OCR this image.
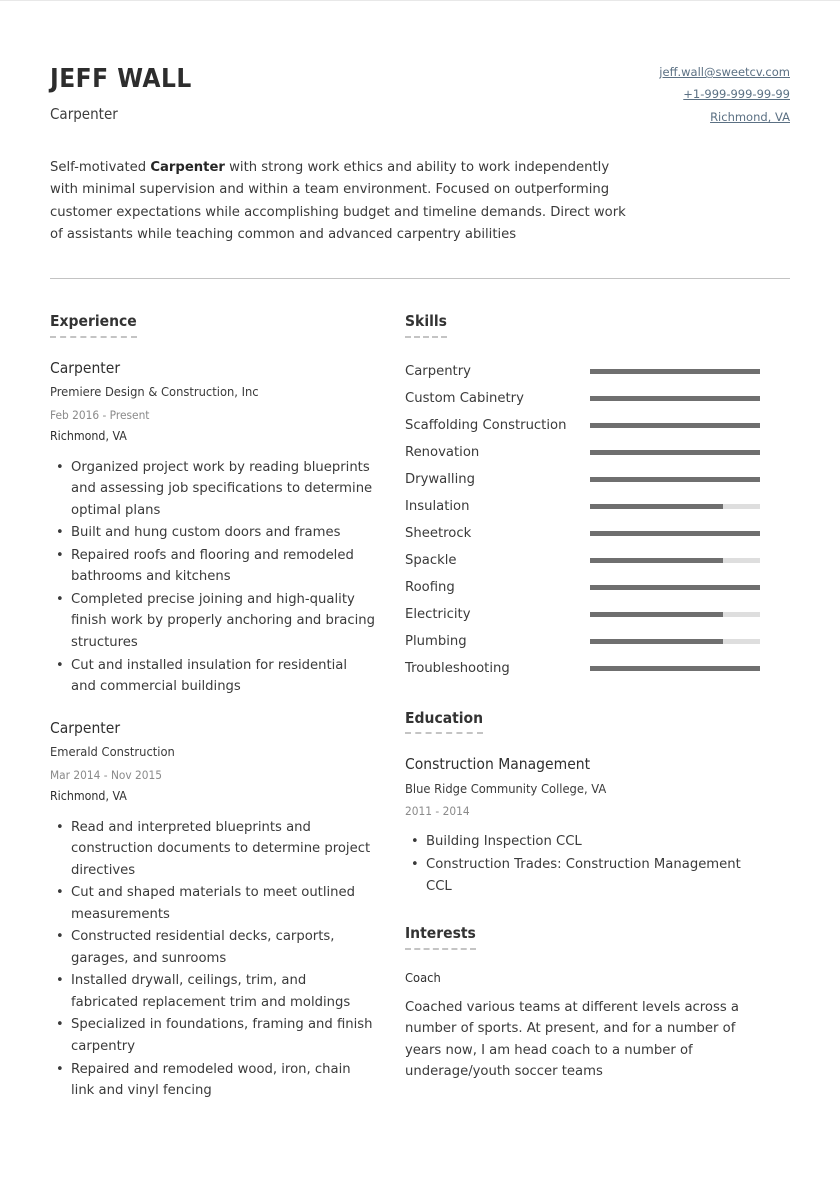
JEFF WALL
Carpenter
jeff.wall@sweetcv.com
+1-999-999-99-99
Richmond, VA
Self-motivated Carpenter with strong work ethics and ability to work independently with minimal supervision and within a team environment. Focused on outperforming customer expectations while accomplishing budget and timeline demands. Direct work of assistants while teaching common and advanced carpentry abilities
Experience
Carpenter
Premiere Design & Construction, Inc
Feb 2016 - Present
Richmond, VA
• Organized project work by reading blueprints and assessing job specifications to determine optimal plans
• Built and hung custom doors and frames
• Repaired roofs and flooring and remodeled bathrooms and kitchens
• Completed precise joining and high-quality finish work by properly anchoring and bracing structures
• Cut and installed insulation for residential and commercial buildings
Carpenter
Emerald Construction
Mar 2014 - Nov 2015
Richmond, VA
• Read and interpreted blueprints and construction documents to determine project directives
• Cut and shaped materials to meet outlined measurements
• Constructed residential decks, carports, garages, and sunrooms
• Installed drywall, ceilings, trim, and fabricated replacement trim and moldings
• Specialized in foundations, framing and finish carpentry
• Repaired and remodeled wood, iron, chain link and vinyl fencing
Skills
Carpentry
Custom Cabinetry
Scaffolding Construction
Renovation
Drywalling
Insulation
Sheetrock
Spackle
Roofing
Electricity
Plumbing
Troubleshooting
Education
Construction Management
Blue Ridge Community College, VA
2011 - 2014
• Building Inspection CCL
• Construction Trades: Construction Management CCL
Interests
Coach
Coached various teams at different levels across a number of sports. At present, and for a number of years now, I am head coach to a number of underage/youth soccer teams
